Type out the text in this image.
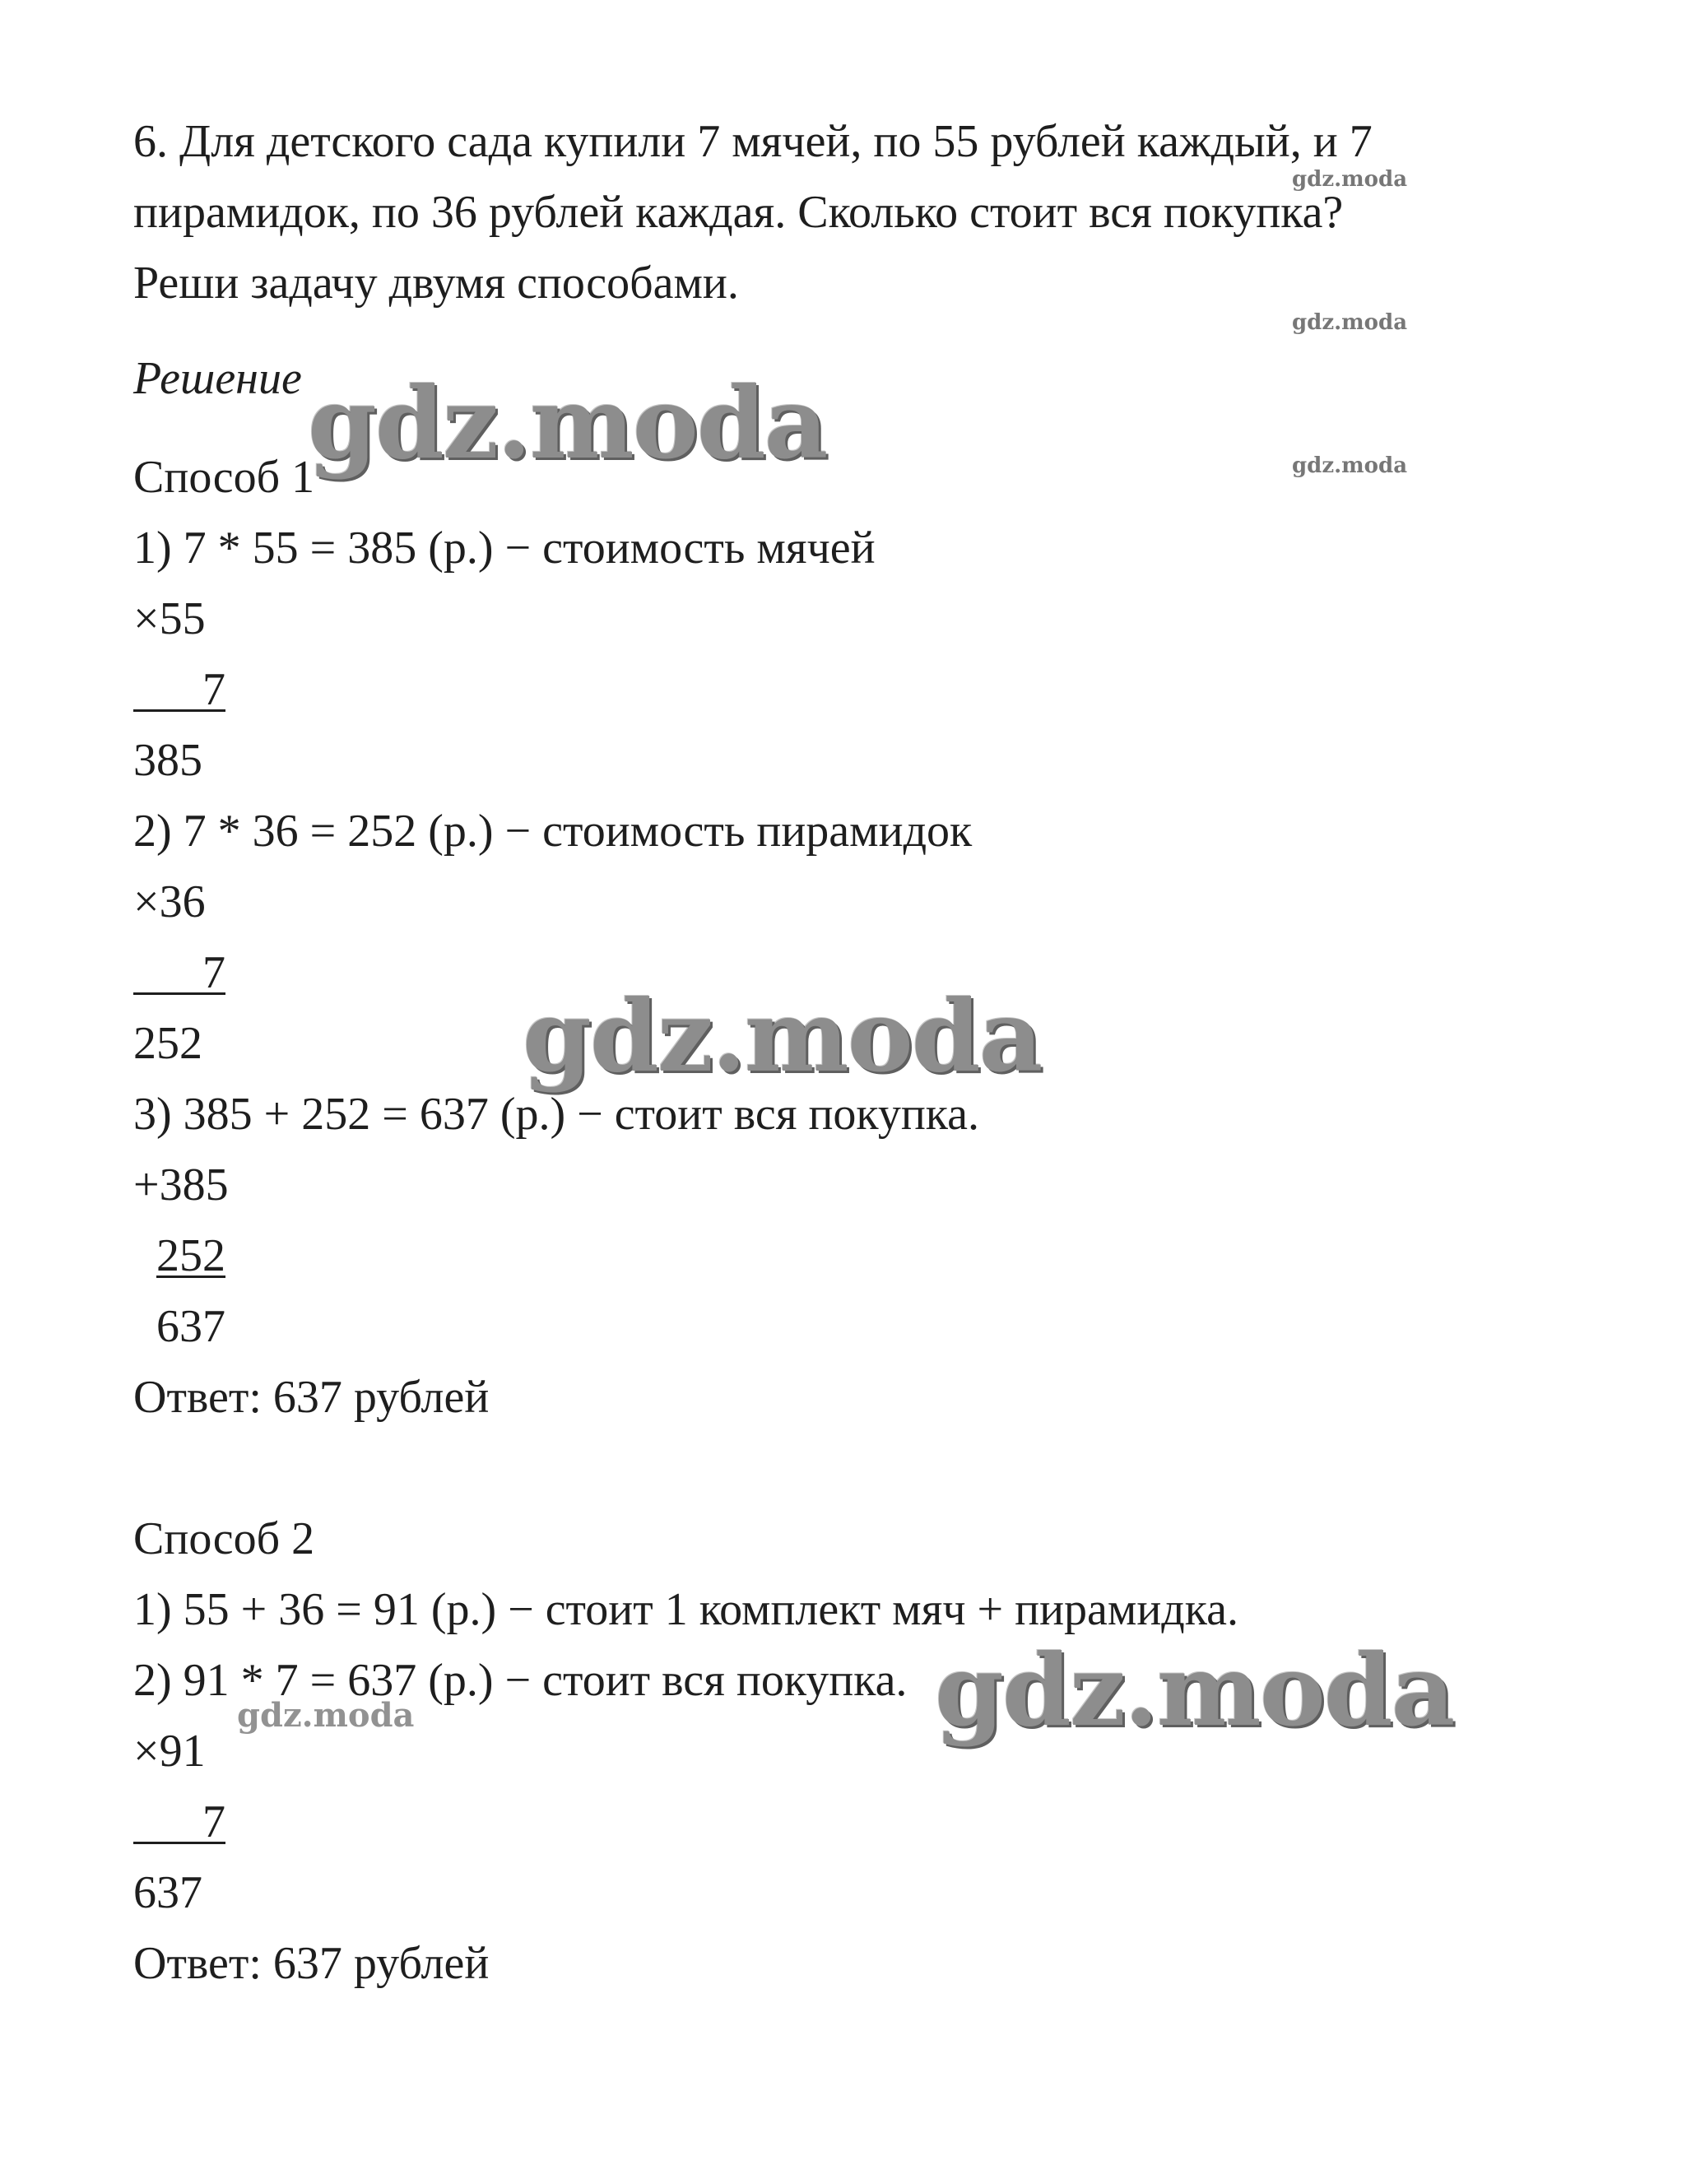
6. Для детского сада купили 7 мячей, по 55 рублей каждый, и 7
пирамидок, по 36 рублей каждая. Сколько стоит вся покупка?
Реши задачу двумя способами.
Решение
Способ 1
1) 7 * 55 = 385 (р.) − стоимость мячей
×55
  7
385
2) 7 * 36 = 252 (р.) − стоимость пирамидок
×36
  7
252
3) 385 + 252 = 637 (р.) − стоит вся покупка.
+385
252
637
Ответ: 637 рублей
Способ 2
1) 55 + 36 = 91 (р.) − стоит 1 комплект мяч + пирамидка.
2) 91 * 7 = 637 (р.) − стоит вся покупка.
×91
  7
637
Ответ: 637 рублей
gdz.moda
gdz.moda
gdz.moda
gdz.moda
gdz.moda
gdz.moda
gdz.moda
